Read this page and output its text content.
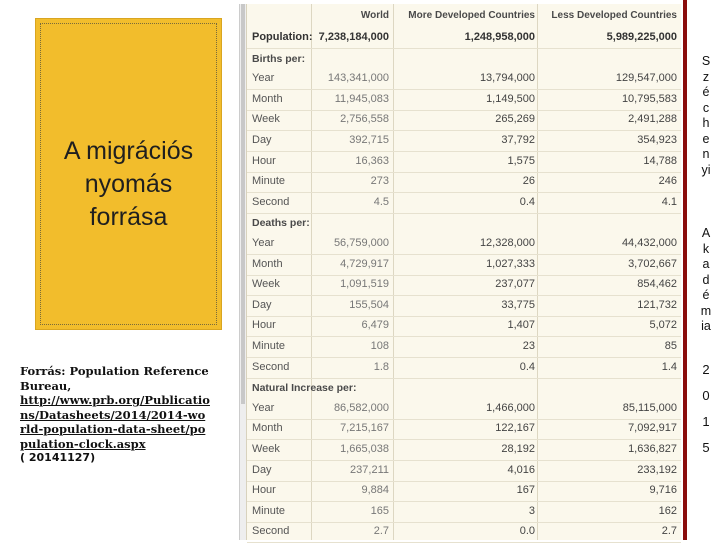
A migrációs nyomás forrása
Forrás: Population Reference Bureau,
http://www.prb.org/Publications/Datasheets/2014/2014-world-population-data-sheet/population-clock.aspx
( 20141127)
World	More Developed Countries	Less Developed Countries
Population: 7,238,184,000	1,248,958,000	5,989,225,000
Births per:
Year	143,341,000	13,794,000	129,547,000
Month	11,945,083	1,149,500	10,795,583
Week	2,756,558	265,269	2,491,288
Day	392,715	37,792	354,923
Hour	16,363	1,575	14,788
Minute	273	26	246
Second	4.5	0.4	4.1
Deaths per:
Year	56,759,000	12,328,000	44,432,000
Month	4,729,917	1,027,333	3,702,667
Week	1,091,519	237,077	854,462
Day	155,504	33,775	121,732
Hour	6,479	1,407	5,072
Minute	108	23	85
Second	1.8	0.4	1.4
Natural Increase per:
Year	86,582,000	1,466,000	85,115,000
Month	7,215,167	122,167	7,092,917
Week	1,665,038	28,192	1,636,827
Day	237,211	4,016	233,192
Hour	9,884	167	9,716
Minute	165	3	162
Second	2.7	0.0	2.7
S
z
é
c
h
e
n
yi
A
k
a
d
é
m
ia
2
0
1
5
